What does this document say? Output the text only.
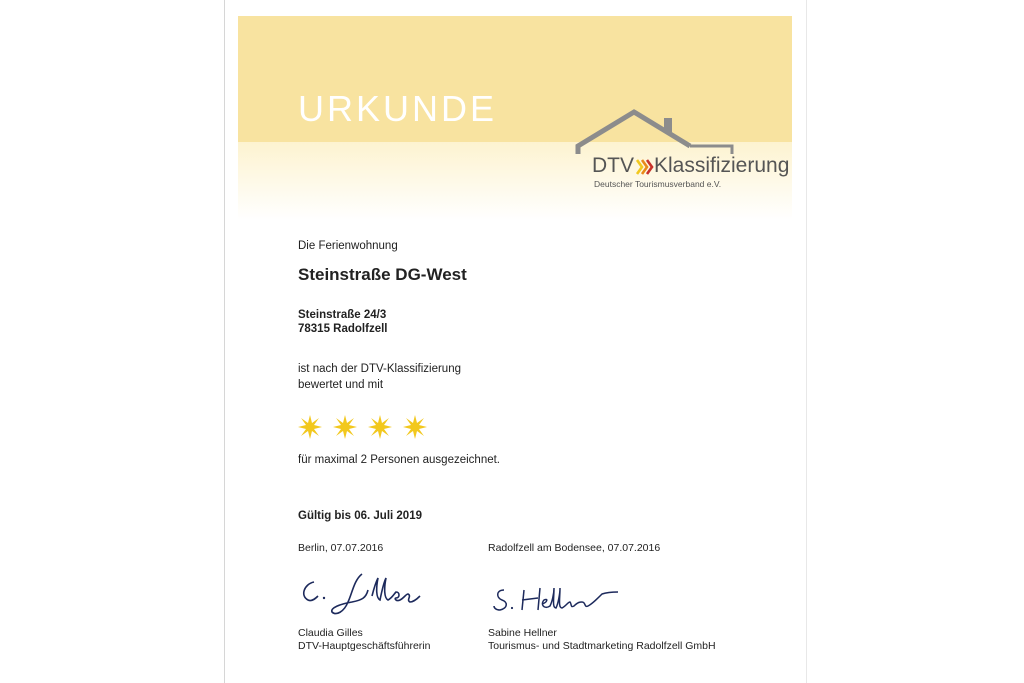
URKUNDE
DTV Klassifizierung
Deutscher Tourismusverband e.V.
Die Ferienwohnung
Steinstraße DG-West
Steinstraße 24/3
78315 Radolfzell
ist nach der DTV-Klassifizierung
bewertet und mit
für maximal 2 Personen ausgezeichnet.
Gültig bis 06. Juli 2019
Berlin, 07.07.2016	Radolfzell am Bodensee, 07.07.2016
Claudia Gilles
DTV-Hauptgeschäftsführerin
Sabine Hellner
Tourismus- und Stadtmarketing Radolfzell GmbH
